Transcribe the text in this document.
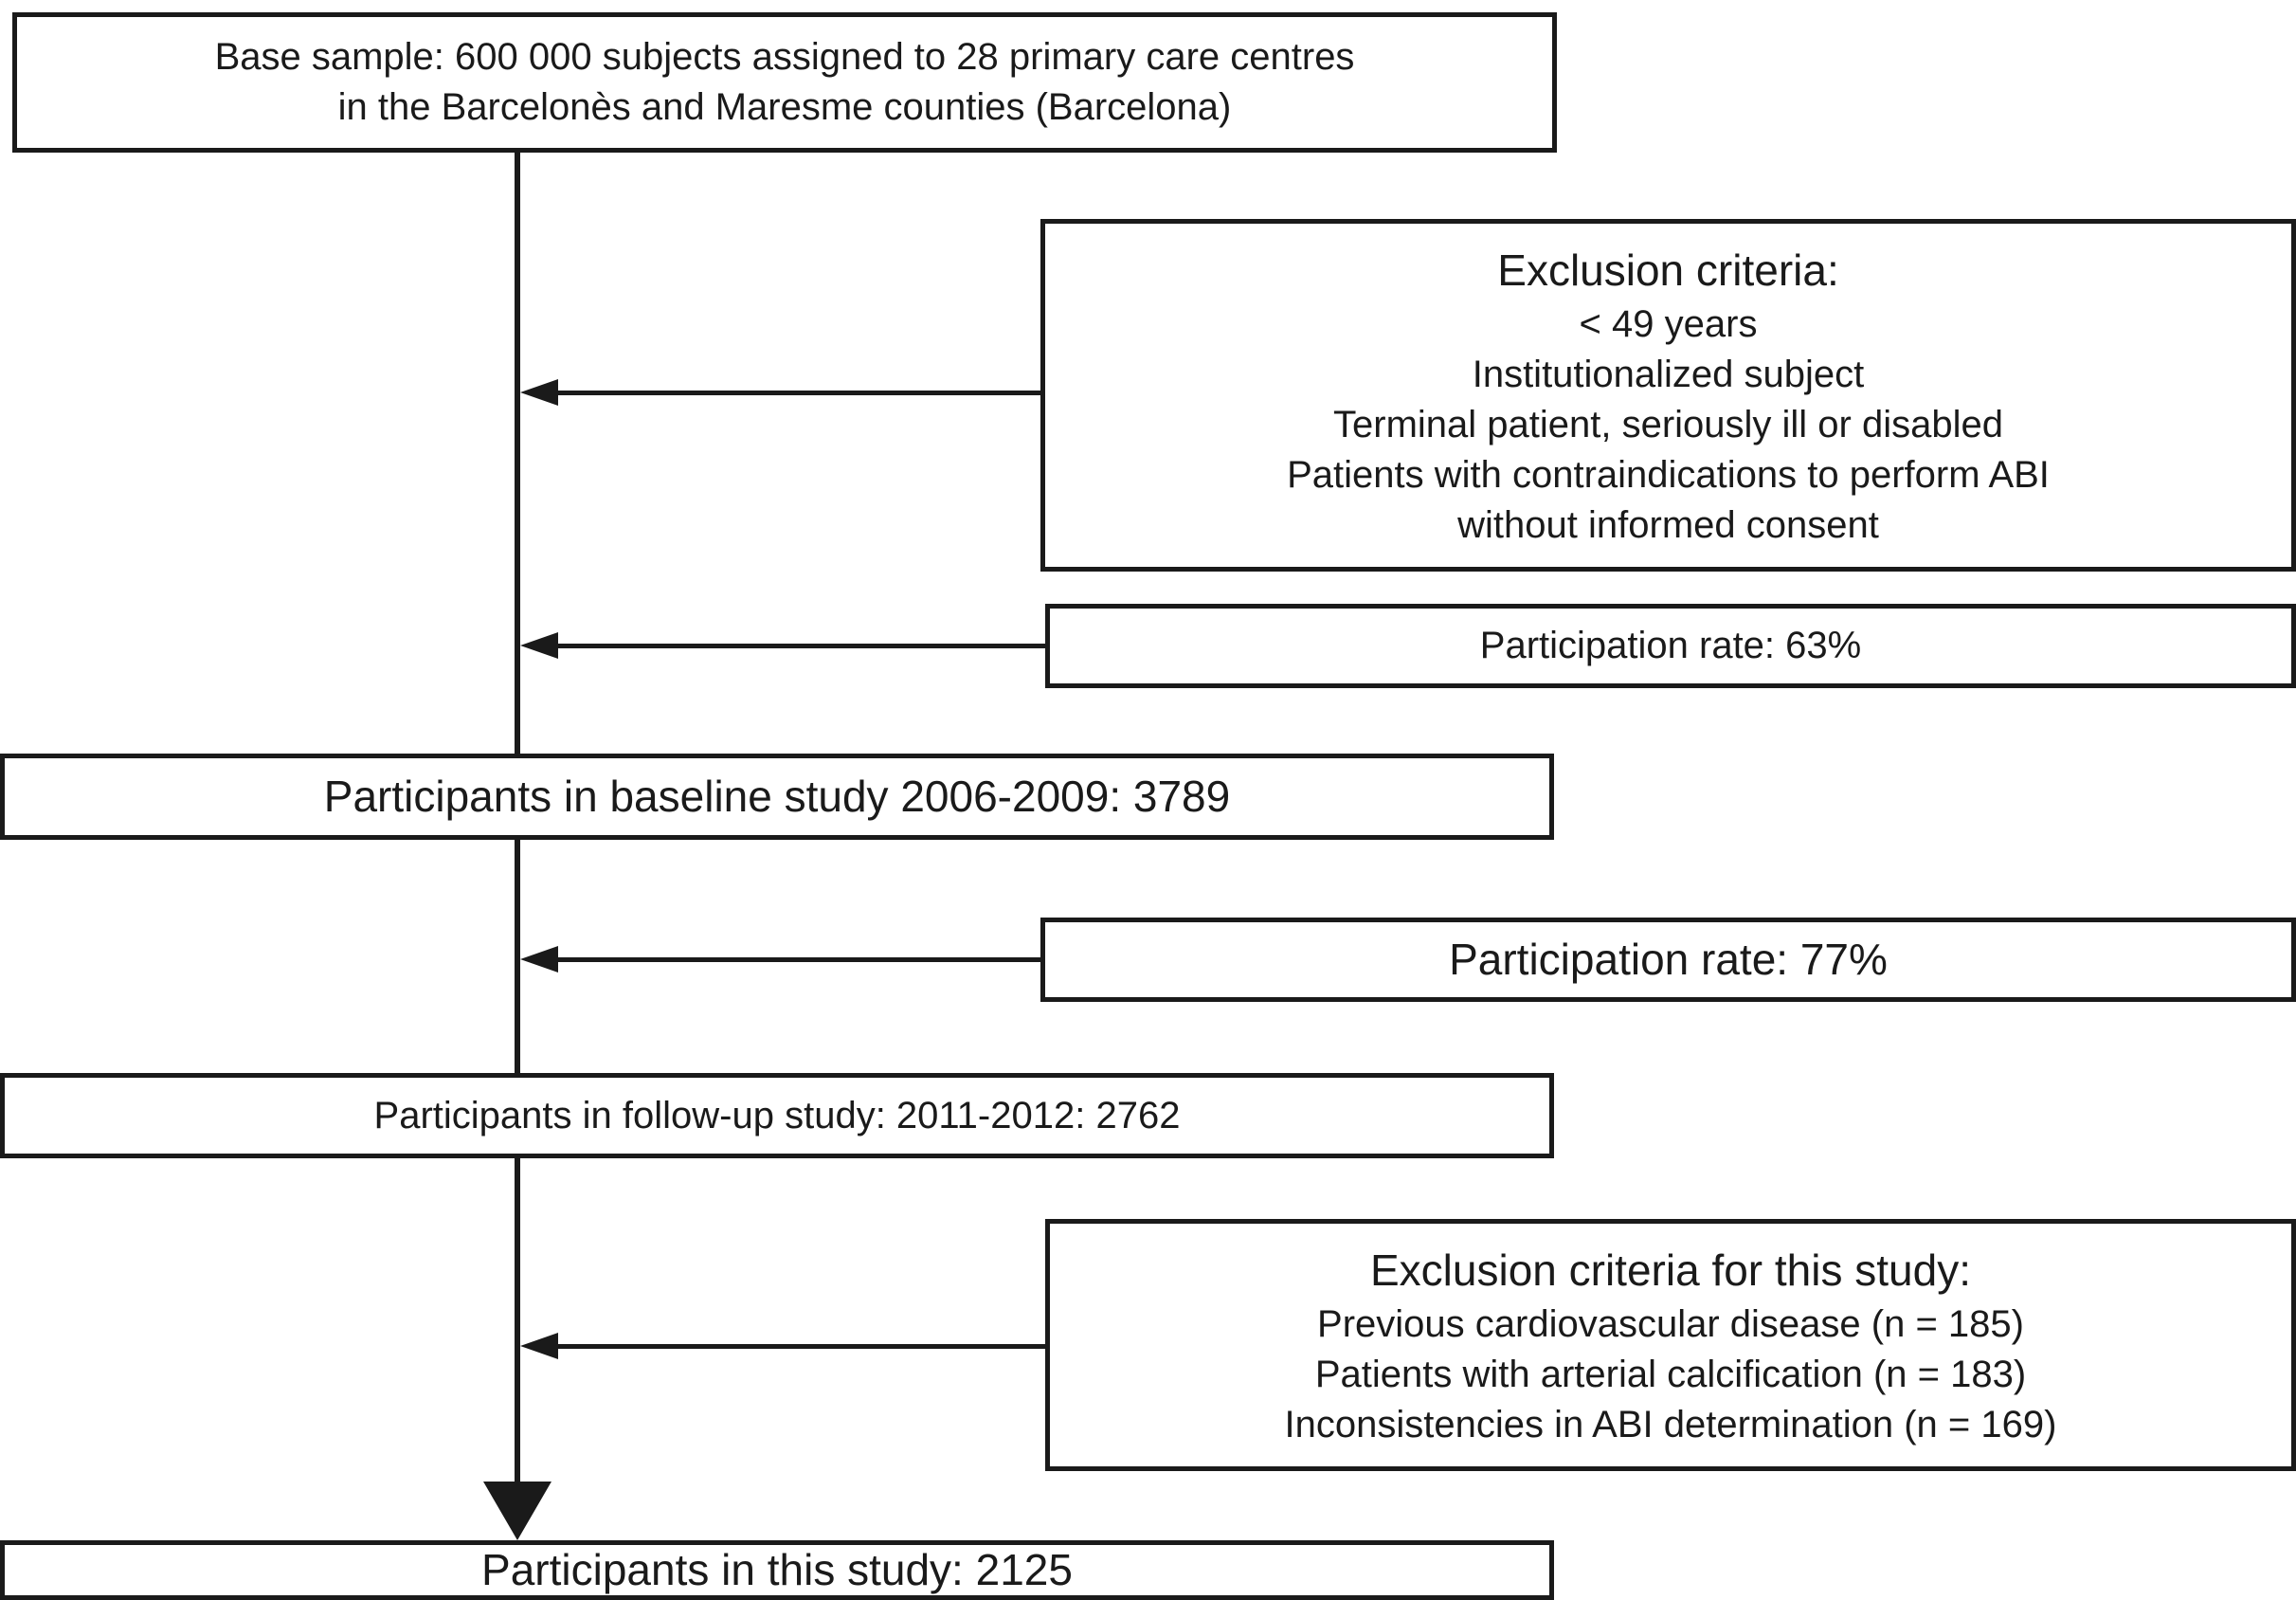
Base sample: 600 000 subjects assigned to 28 primary care centres
in the Barcelonès and Maresme counties (Barcelona)
Exclusion criteria:
< 49 years
Institutionalized subject
Terminal patient, seriously ill or disabled
Patients with contraindications to perform ABI
without informed consent
Participation rate: 63%
Participants in baseline study 2006-2009: 3789
Participation rate: 77%
Participants in follow-up study: 2011-2012: 2762
Exclusion criteria for this study:
Previous cardiovascular disease (n = 185)
Patients with arterial calcification (n = 183)
Inconsistencies in ABI determination (n = 169)
Participants in this study: 2125
